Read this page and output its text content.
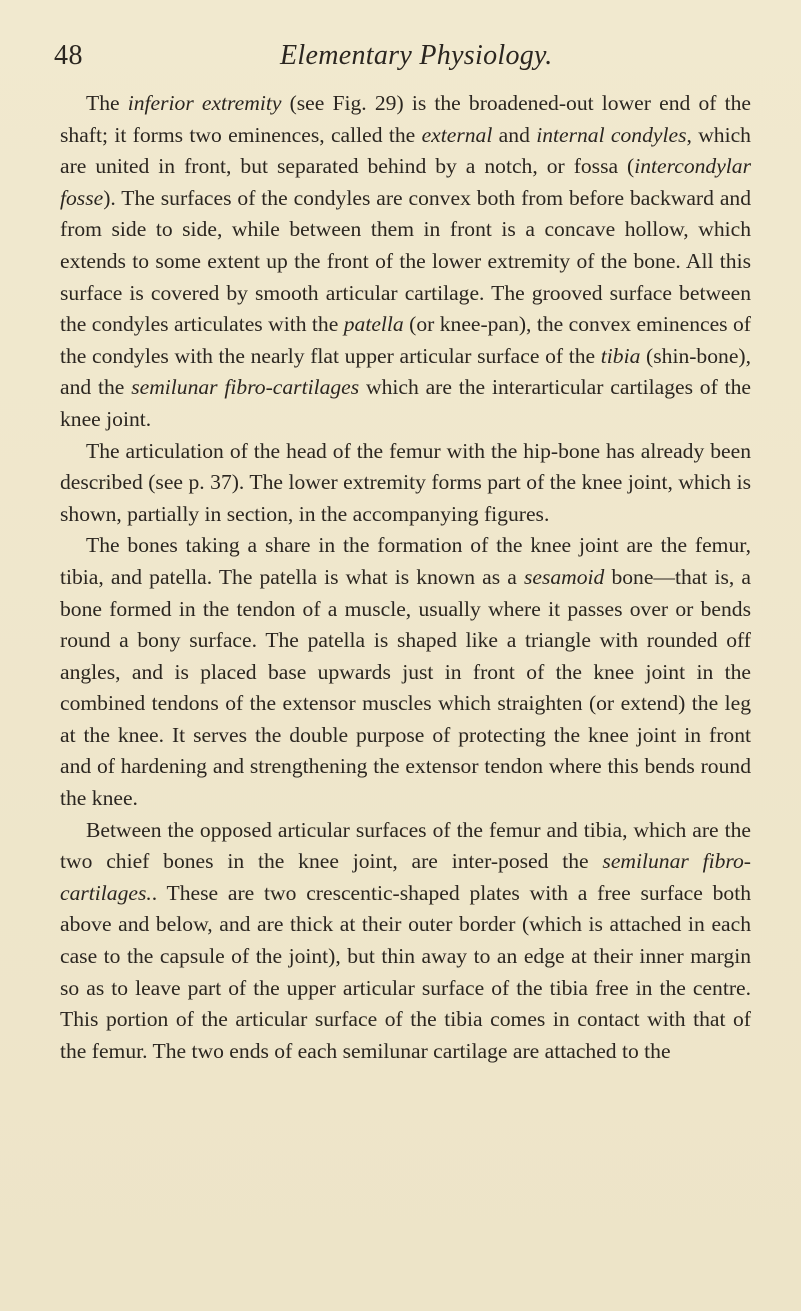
48	Elementary Physiology.

The inferior extremity (see Fig. 29) is the broadened-out lower end of the shaft; it forms two eminences, called the external and internal condyles, which are united in front, but separated behind by a notch, or fossa (intercondylar fosse). The surfaces of the condyles are convex both from before backward and from side to side, while between them in front is a concave hollow, which extends to some extent up the front of the lower extremity of the bone. All this surface is covered by smooth articular cartilage. The grooved surface between the condyles articulates with the patella (or knee-pan), the convex eminences of the condyles with the nearly flat upper articular surface of the tibia (shin-bone), and the semilunar fibro-cartilages which are the interarticular cartilages of the knee joint.

The articulation of the head of the femur with the hip-bone has already been described (see p. 37). The lower extremity forms part of the knee joint, which is shown, partially in section, in the accompanying figures.

The bones taking a share in the formation of the knee joint are the femur, tibia, and patella. The patella is what is known as a sesamoid bone—that is, a bone formed in the tendon of a muscle, usually where it passes over or bends round a bony surface. The patella is shaped like a triangle with rounded off angles, and is placed base upwards just in front of the knee joint in the combined tendons of the extensor muscles which straighten (or extend) the leg at the knee. It serves the double purpose of protecting the knee joint in front and of hardening and strengthening the extensor tendon where this bends round the knee.

Between the opposed articular surfaces of the femur and tibia, which are the two chief bones in the knee joint, are inter-posed the semilunar fibro-cartilages.. These are two crescentic-shaped plates with a free surface both above and below, and are thick at their outer border (which is attached in each case to the capsule of the joint), but thin away to an edge at their inner margin so as to leave part of the upper articular surface of the tibia free in the centre. This portion of the articular surface of the tibia comes in contact with that of the femur. The two ends of each semilunar cartilage are attached to the
